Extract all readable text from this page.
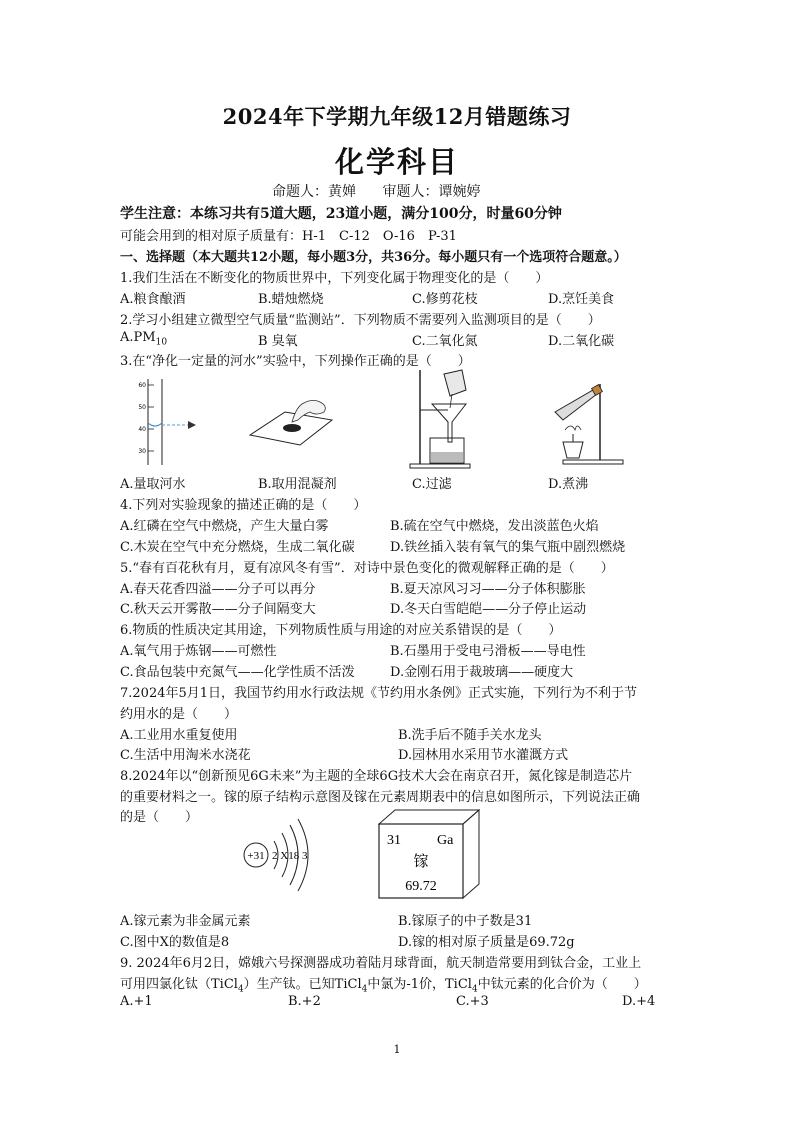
2024年下学期九年级12月错题练习
化学科目
命题人：黄婵 审题人：谭婉婷
学生注意：本练习共有5道大题，23道小题，满分100分，时量60分钟
可能会用到的相对原子质量有：H-1　C-12　O-16　P-31
一、选择题（本大题共12小题，每小题3分，共36分。每小题只有一个选项符合题意。）
1.我们生活在不断变化的物质世界中，下列变化属于物理变化的是（　　）
A.粮食酿酒	B.蜡烛燃烧	C.修剪花枝	D.烹饪美食
2.学习小组建立微型空气质量“监测站”．下列物质不需要列入监测项目的是（　　）
$A.PM_{10}$	B 臭氧	C.二氧化氮	D.二氧化碳
3.在“净化一定量的河水”实验中，下列操作正确的是（　　）
60
50
40
30
A.量取河水	B.取用混凝剂	C.过滤	D.煮沸
4.下列对实验现象的描述正确的是（　　）
A.红磷在空气中燃烧，产生大量白雾	B.硫在空气中燃烧，发出淡蓝色火焰
C.木炭在空气中充分燃烧，生成二氧化碳	D.铁丝插入装有氧气的集气瓶中剧烈燃烧
5.“春有百花秋有月，夏有凉风冬有雪”．对诗中景色变化的微观解释正确的是（　　）
A.春天花香四溢——分子可以再分	B.夏天凉风习习——分子体积膨胀
C.秋天云开雾散——分子间隔变大	D.冬天白雪皑皑——分子停止运动
6.物质的性质决定其用途，下列物质性质与用途的对应关系错误的是（　　）
A.氧气用于炼钢——可燃性	B.石墨用于受电弓滑板——导电性
C.食品包装中充氮气——化学性质不活泼	D.金刚石用于裁玻璃——硬度大
7.2024年5月1日，我国节约用水行政法规《节约用水条例》正式实施，下列行为不利于节
约用水的是（　　）
A.工业用水重复使用	B.洗手后不随手关水龙头
C.生活中用淘米水浇花	D.园林用水采用节水灌溉方式
8.2024年以“创新预见6G未来”为主题的全球6G技术大会在南京召开，氮化镓是制造芯片
的重要材料之一。镓的原子结构示意图及镓在元素周期表中的信息如图所示，下列说法正确
的是（　　）
+31 2 X18 3
31	Ga
镓
69.72
A.镓元素为非金属元素	B.镓原子的中子数是31
C.图中X的数值是8	D.镓的相对原子质量是69.72g
9. 2024年6月2日，嫦娥六号探测器成功着陆月球背面，航天制造常要用到钛合金，工业上
可用四氯化钛（TiCl$_4$）生产钛。已知TiCl$_4$中氯为-1价，TiCl$_4$中钛元素的化合价为（　　）
A.+1	B.+2	C.+3	D.+4
1
